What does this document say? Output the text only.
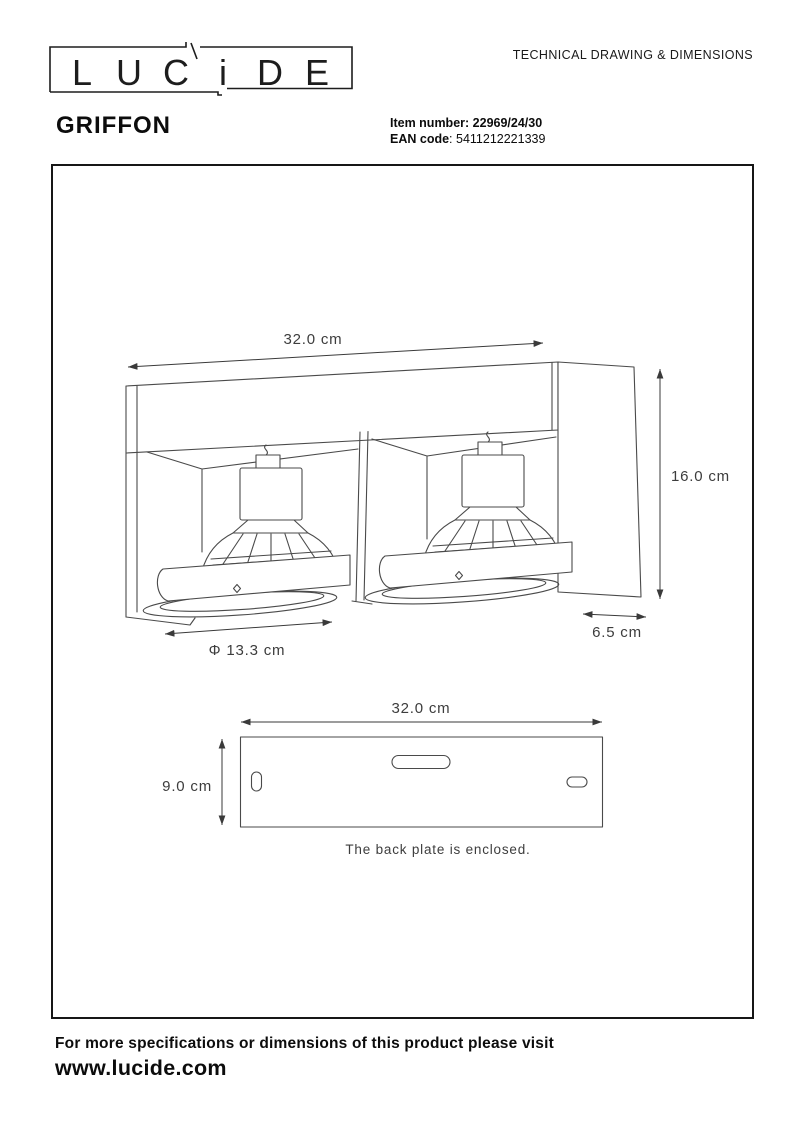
L U C i D E	TECHNICAL DRAWING & DIMENSIONS
GRIFFON	Item number: 22969/24/30
EAN code: 5411212221339
32.0 cm
16.0 cm
6.5 cm
Φ 13.3 cm
32.0 cm
9.0 cm
The back plate is enclosed.
For more specifications or dimensions of this product please visit
www.lucide.com
